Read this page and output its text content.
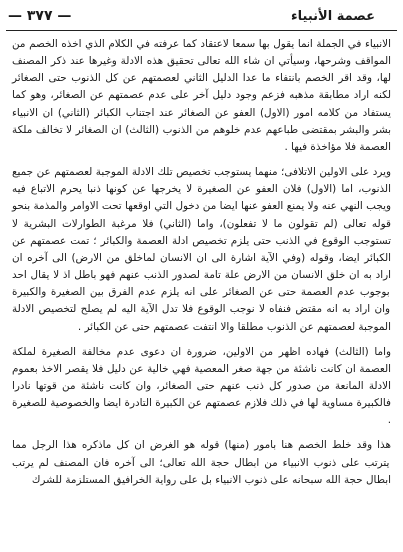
— ٣٧٧ —	عصمة الأنبياء

الانبياء في الجملة انما يقول بها سمعا لاعتقاد كما عرفته في الكلام الذي اخذه الخصم من المواقف وشرحها، وسيأتي ان شاء الله تعالى تحقيق هذه الادلة وغيرها عند ذكر المصنف لها، وقد اقر الخصم بانتفاء ما عدا الدليل الثاني لعصمتهم عن كل الذنوب حتى الصغائر لكنه اراد مطابقة مذهبه فزعم وجود دليل آخر على عدم عصمتهم عن الصغائر، وهو كما يستفاد من كلامه امور (الاول) العفو عن الصغائر عند اجتناب الكبائر (الثاني) ان الانبياء بشر والبشر بمقتضى طباعهم عدم خلوهم من الذنوب (الثالث) ان الصغائر لا تخالف ملكة العصمة فلا مؤاخذة فيها .

ويرد على الاولين الاتلافى؛ منهما يستوجب تخصيص تلك الادلة الموجبة لعصمتهم عن جميع الذنوب، اما (الاول) فلان العفو عن الصغيرة لا يخرجها عن كونها ذنبا يحرم الاتباع فيه ويجب النهي عنه ولا يمنع العفو عنها ايضا من دخول التي اوقعها تحت الاوامر والمذمة بنحو قوله تعالى (لم تقولون ما لا تفعلون)، واما (الثاني) فلا مرغبة الطوارلات البشرية لا تستوجب الوقوع في الذنب حتى يلزم تخصيص ادلة العصمة والكبائر ؛ تمت عصمتهم عن الكبائر ايضا، وقوله (وفي الآية اشارة الى ان الانسان لماخلق من الارض) الى آخره ان اراد به ان خلق الانسان من الارض علة تامة لصدور الذنب عنهم فهو باطل اذ لا يقال احد بوجوب عدم العصمة حتى عن الصغائر على انه يلزم عدم الفرق بين الصغيرة والكبيرة وان اراد به انه مقتض فنفاه لا نوجب الوقوع فلا تدل الآية اليه لم يصلح لتخصيص الادلة الموجبة لعصمتهم عن الذنوب مطلقا والا انتفت عصمتهم حتى عن الكبائر .

واما (الثالث) فهاده اظهر من الاولين، ضرورة ان دعوى عدم مخالفة الصغيرة لملكة العصمة ان كانت ناشئة من جهة صغر المعصية فهي خالية عن دليل فلا يقصر الاخذ بعموم الادلة المانعة من صدور كل ذنب عنهم حتى الصغائر، وان كانت ناشئة من قوتها نادرا فالكبيرة مساوية لها في ذلك فلازم عصمتهم عن الكبيرة التادرة ايضا والخصوصية للصغيرة .

هذا وقد خلط الخصم هنا بامور (منها) قوله هو الغرض ان كل ماذكره هذا الرجل مما يترتب على ذنوب الانبياء من ابطال حجة الله تعالى؛ الى آخره فان المصنف لم يرتب ابطال حجة الله سبحانه على ذنوب الانبياء بل على رواية الخرافيق المستلزمة للشرك
